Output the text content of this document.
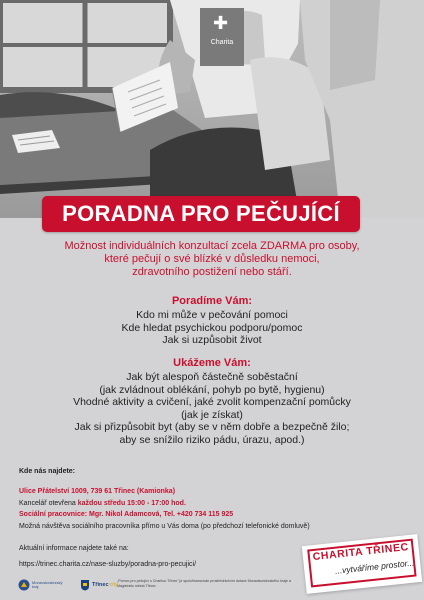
✚
Charita
PORADNA PRO PEČUJÍCÍ
Možnost individuálních konzultací zcela ZDARMA pro osoby,
které pečují o své blízké v důsledku nemoci,
zdravotního postižení nebo stáří.
Poradíme Vám:
Kdo mi může v pečování pomoci
Kde hledat psychickou podporu/pomoc
Jak si uzpůsobit život
Ukážeme Vám:
Jak být alespoň částečně soběstační
(jak zvládnout oblékání, pohyb po bytě, hygienu)
Vhodné aktivity a cvičení, jaké zvolit kompenzační pomůcky
(jak je získat)
Jak si přizpůsobit byt (aby se v něm dobře a bezpečně žilo;
aby se snížilo riziko pádu, úrazu, apod.)
Kde nás najdete:
Ulice Přátelství 1009, 739 61 Třinec (Kamionka)
Kancelář otevřena každou středu 15:00 - 17:00 hod.
Sociální pracovnice: Mgr. Nikol Adamcová, Tel. +420 734 115 925
Možná návštěva sociálního pracovníka přímo u Vás doma (po předchozí telefonické domluvě)
Aktuální informace najdete také na:
https://trinec.charita.cz/nase-sluzby/poradna-pro-pecujici/
Moravskoslezský kraj	Třinec city
„Pomoc pro pečující s Charitou Třinec" je spolufinancován prostřednictvím dotace Moravskoslezského kraje a Magistrátu města Třince.
CHARITA TŘINEC
...vytváříme prostor...
